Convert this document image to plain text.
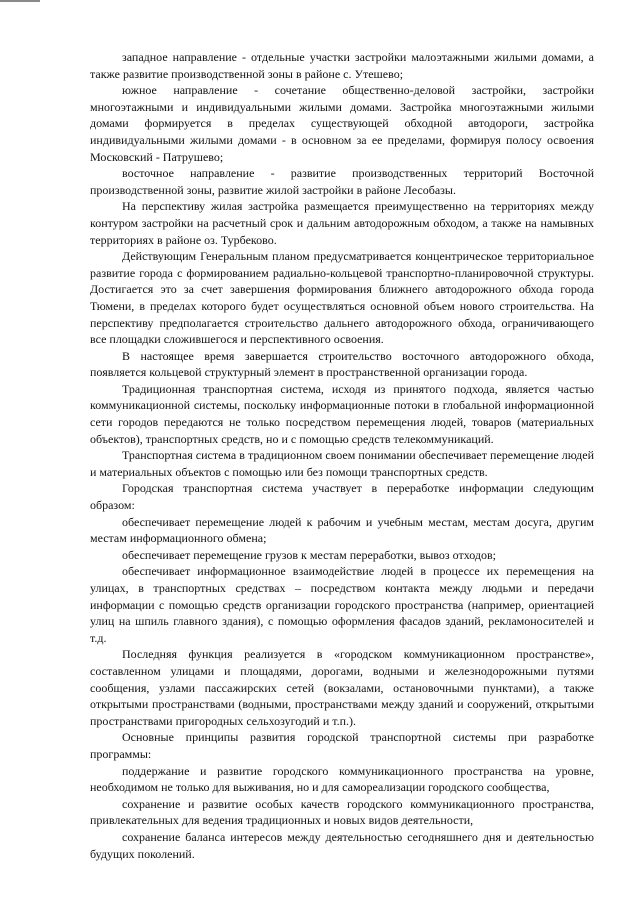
западное направление - отдельные участки застройки малоэтажными жилыми домами, а также развитие производственной зоны в районе с. Утешево;

южное направление - сочетание общественно-деловой застройки, застройки многоэтажными и индивидуальными жилыми домами. Застройка многоэтажными жилыми домами формируется в пределах существующей обходной автодороги, застройка индивидуальными жилыми домами - в основном за ее пределами, формируя полосу освоения Московский - Патрушево;

восточное направление - развитие производственных территорий Восточной производственной зоны, развитие жилой застройки в районе Лесобазы.

На перспективу жилая застройка размещается преимущественно на территориях между контуром застройки на расчетный срок и дальним автодорожным обходом, а также на намывных территориях в районе оз. Турбеково.

Действующим Генеральным планом предусматривается концентрическое территориальное развитие города с формированием радиально-кольцевой транспортно-планировочной структуры. Достигается это за счет завершения формирования ближнего автодорожного обхода города Тюмени, в пределах которого будет осуществляться основной объем нового строительства. На перспективу предполагается строительство дальнего автодорожного обхода, ограничивающего все площадки сложившегося и перспективного освоения.

В настоящее время завершается строительство восточного автодорожного обхода, появляется кольцевой структурный элемент в пространственной организации города.

Традиционная транспортная система, исходя из принятого подхода, является частью коммуникационной системы, поскольку информационные потоки в глобальной информационной сети городов передаются не только посредством перемещения людей, товаров (материальных объектов), транспортных средств, но и с помощью средств телекоммуникаций.

Транспортная система в традиционном своем понимании обеспечивает перемещение людей и материальных объектов с помощью или без помощи транспортных средств.

Городская транспортная система участвует в переработке информации следующим образом:

обеспечивает перемещение людей к рабочим и учебным местам, местам досуга, другим местам информационного обмена;

обеспечивает перемещение грузов к местам переработки, вывоз отходов;

обеспечивает информационное взаимодействие людей в процессе их перемещения на улицах, в транспортных средствах – посредством контакта между людьми и передачи информации с помощью средств организации городского пространства (например, ориентацией улиц на шпиль главного здания), с помощью оформления фасадов зданий, рекламоносителей и т.д.

Последняя функция реализуется в «городском коммуникационном пространстве», составленном улицами и площадями, дорогами, водными и железнодорожными путями сообщения, узлами пассажирских сетей (вокзалами, остановочными пунктами), а также открытыми пространствами (водными, пространствами между зданий и сооружений, открытыми пространствами пригородных сельхозугодий и т.п.).

Основные принципы развития городской транспортной системы при разработке программы:

поддержание и развитие городского коммуникационного пространства на уровне, необходимом не только для выживания, но и для самореализации городского сообщества,

сохранение и развитие особых качеств городского коммуникационного пространства, привлекательных для ведения традиционных и новых видов деятельности,

сохранение баланса интересов между деятельностью сегодняшнего дня и деятельностью будущих поколений.
